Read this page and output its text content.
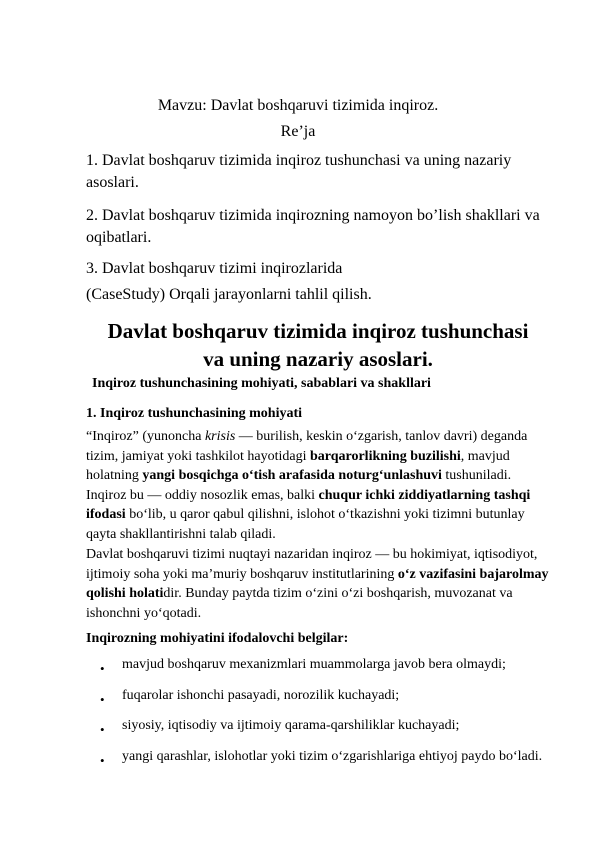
Mavzu: Davlat boshqaruvi tizimida inqiroz.
Re’ja

1. Davlat boshqaruv tizimida inqiroz tushunchasi va uning nazariy asoslari.

2. Davlat boshqaruv tizimida inqirozning namoyon bo’lish shakllari va oqibatlari.

3. Davlat boshqaruv tizimi inqirozlarida

(CaseStudy) Orqali jarayonlarni tahlil qilish.

Davlat boshqaruv tizimida inqiroz tushunchasi va uning nazariy asoslari.

Inqiroz tushunchasining mohiyati, sabablari va shakllari

1. Inqiroz tushunchasining mohiyati

“Inqiroz” (yunoncha krisis — burilish, keskin o‘zgarish, tanlov davri) deganda tizim, jamiyat yoki tashkilot hayotidagi barqarorlikning buzilishi, mavjud holatning yangi bosqichga o‘tish arafasida noturg‘unlashuvi tushuniladi.
Inqiroz bu — oddiy nosozlik emas, balki chuqur ichki ziddiyatlarning tashqi ifodasi bo‘lib, u qaror qabul qilishni, islohot o‘tkazishni yoki tizimni butunlay qayta shakllantirishni talab qiladi.

Davlat boshqaruvi tizimi nuqtayi nazaridan inqiroz — bu hokimiyat, iqtisodiyot, ijtimoiy soha yoki ma’muriy boshqaruv institutlarining o‘z vazifasini bajarolmay qolishi holatidir. Bunday paytda tizim o‘zini o‘zi boshqarish, muvozanat va ishonchni yo‘qotadi.

Inqirozning mohiyatini ifodalovchi belgilar:

•	mavjud boshqaruv mexanizmlari muammolarga javob bera olmaydi;
•	fuqarolar ishonchi pasayadi, norozilik kuchayadi;
•	siyosiy, iqtisodiy va ijtimoiy qarama-qarshiliklar kuchayadi;
•	yangi qarashlar, islohotlar yoki tizim o‘zgarishlariga ehtiyoj paydo bo‘ladi.
